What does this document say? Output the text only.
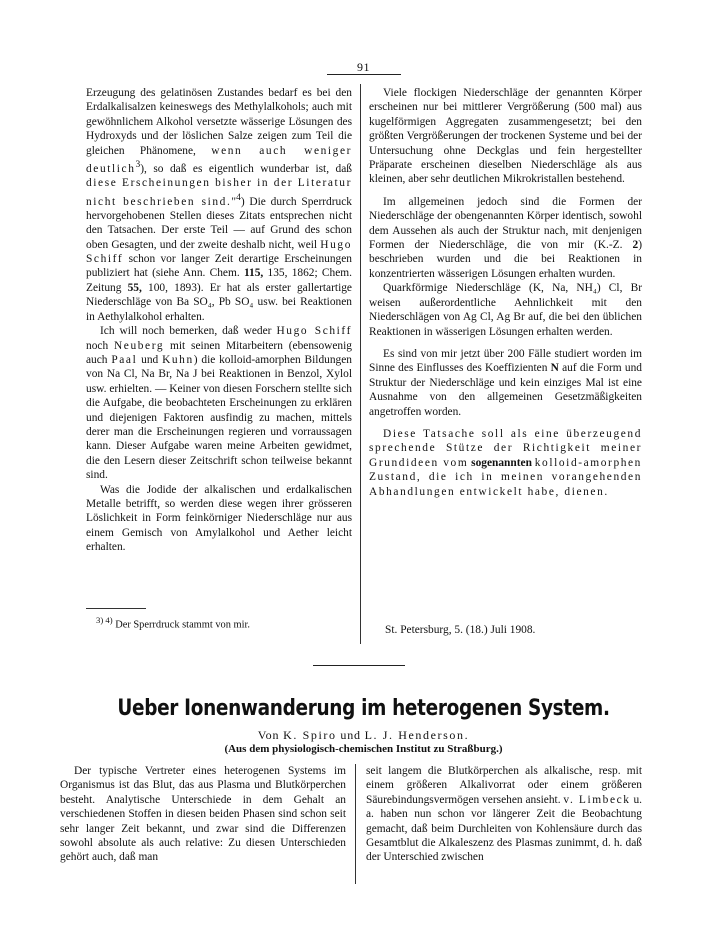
91

Erzeugung des gelatinösen Zustandes bedarf es bei den Erdalkalisalzen keineswegs des Methylalkohols; auch mit gewöhnlichem Alkohol versetzte wässerige Lösungen des Hydroxyds und der löslichen Salze zeigen zum Teil die gleichen Phänomene, wenn auch weniger deutlich$^3$), so daß es eigentlich wunderbar ist, daß diese Erscheinungen bisher in der Literatur nicht beschrieben sind."$^4$) Die durch Sperrdruck hervorgehobenen Stellen dieses Zitats entsprechen nicht den Tatsachen. Der erste Teil — auf Grund des schon oben Gesagten, und der zweite deshalb nicht, weil Hugo Schiff schon vor langer Zeit derartige Erscheinungen publiziert hat (siehe Ann. Chem. 115, 135, 1862; Chem. Zeitung 55, 100, 1893). Er hat als erster gallertartige Niederschläge von Ba SO₄, Pb SO₄ usw. bei Reaktionen in Aethylalkohol erhalten.

Ich will noch bemerken, daß weder Hugo Schiff noch Neuberg mit seinen Mitarbeitern (ebensowenig auch Paal und Kuhn) die kolloid-amorphen Bildungen von Na Cl, Na Br, Na J bei Reaktionen in Benzol, Xylol usw. erhielten. — Keiner von diesen Forschern stellte sich die Aufgabe, die beobachteten Erscheinungen zu erklären und diejenigen Faktoren ausfindig zu machen, mittels derer man die Erscheinungen regieren und vorraussagen kann. Dieser Aufgabe waren meine Arbeiten gewidmet, die den Lesern dieser Zeitschrift schon teilweise bekannt sind.

Was die Jodide der alkalischen und erdalkalischen Metalle betrifft, so werden diese wegen ihrer grösseren Löslichkeit in Form feinkörniger Niederschläge nur aus einem Gemisch von Amylalkohol und Aether leicht erhalten.

Viele flockigen Niederschläge der genannten Körper erscheinen nur bei mittlerer Vergrößerung (500 mal) aus kugelförmigen Aggregaten zusammengesetzt; bei den größten Vergrößerungen der trockenen Systeme und bei der Untersuchung ohne Deckglas und fein hergestellter Präparate erscheinen dieselben Niederschläge als aus kleinen, aber sehr deutlichen Mikrokristallen bestehend.

Im allgemeinen jedoch sind die Formen der Niederschläge der obengenannten Körper identisch, sowohl dem Aussehen als auch der Struktur nach, mit denjenigen Formen der Niederschläge, die von mir (K.-Z. 2) beschrieben wurden und die bei Reaktionen in konzentrierten wässerigen Lösungen erhalten wurden.

Quarkförmige Niederschläge (K, Na, NH₄) Cl, Br weisen außerordentliche Aehnlichkeit mit den Niederschlägen von Ag Cl, Ag Br auf, die bei den üblichen Reaktionen in wässerigen Lösungen erhalten werden.

Es sind von mir jetzt über 200 Fälle studiert worden im Sinne des Einflusses des Koeffizienten N auf die Form und Struktur der Niederschläge und kein einziges Mal ist eine Ausnahme von den allgemeinen Gesetzmäßigkeiten angetroffen worden.

Diese Tatsache soll als eine überzeugend sprechende Stütze der Richtigkeit meiner Grundideen vom sogenannten kolloid-amorphen Zustand, die ich in meinen vorangehenden Abhandlungen entwickelt habe, dienen.

$^{3) 4)}$ Der Sperrdruck stammt von mir.	St. Petersburg, 5. (18.) Juli 1908.
Ueber Ionenwanderung im heterogenen System.
Von K. Spiro und L. J. Henderson.
(Aus dem physiologisch-chemischen Institut zu Straßburg.)

Der typische Vertreter eines heterogenen Systems im Organismus ist das Blut, das aus Plasma und Blutkörperchen besteht. Analytische Unterschiede in dem Gehalt an verschiedenen Stoffen in diesen beiden Phasen sind schon seit sehr langer Zeit bekannt, und zwar sind die Differenzen sowohl absolute als auch relative: Zu diesen Unterschieden gehört auch, daß man

seit langem die Blutkörperchen als alkalische, resp. mit einem größeren Alkalivorrat oder einem größeren Säurebindungsvermögen versehen ansieht. v. Limbeck u. a. haben nun schon vor längerer Zeit die Beobachtung gemacht, daß beim Durchleiten von Kohlensäure durch das Gesamtblut die Alkaleszenz des Plasmas zunimmt, d. h. daß der Unterschied zwischen
